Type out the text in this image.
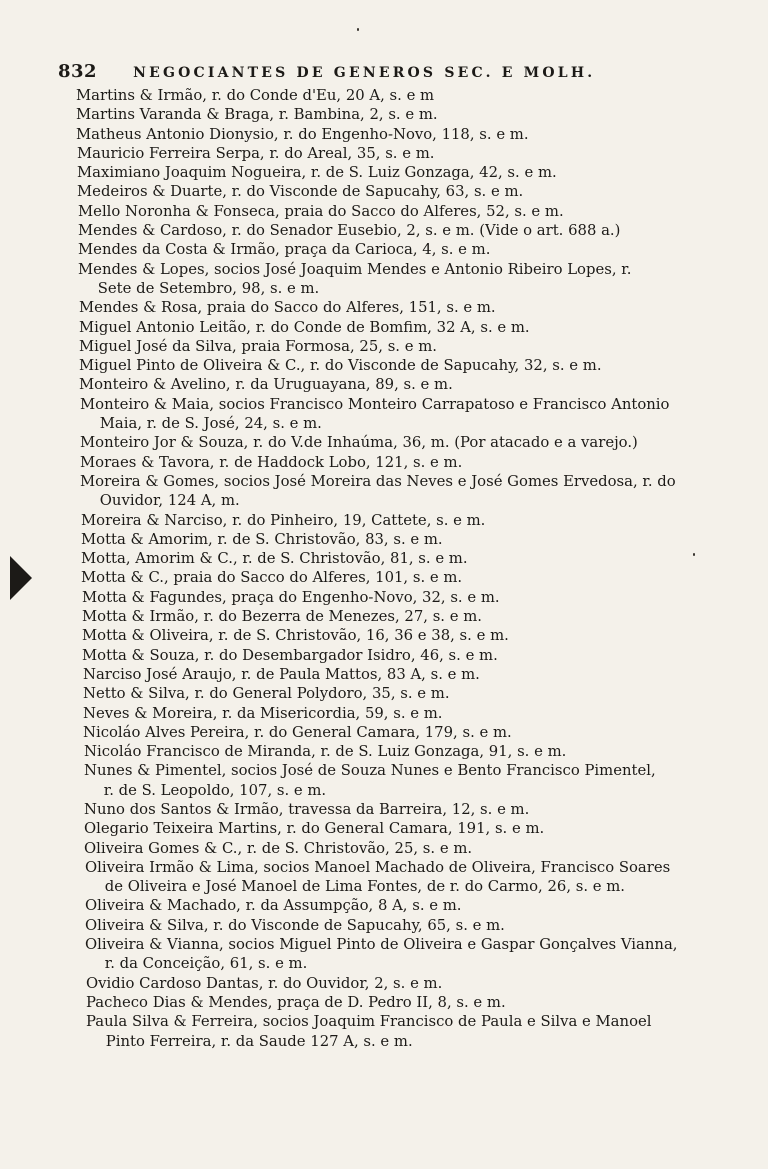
832	NEGOCIANTES DE GENEROS SEC. E MOLH.
Martins & Irmão, r. do Conde d'Eu, 20 A, s. e m
Martins Varanda & Braga, r. Bambina, 2, s. e m.
Matheus Antonio Dionysio, r. do Engenho-Novo, 118, s. e m.
Mauricio Ferreira Serpa, r. do Areal, 35, s. e m.
Maximiano Joaquim Nogueira, r. de S. Luiz Gonzaga, 42, s. e m.
Medeiros & Duarte, r. do Visconde de Sapucahy, 63, s. e m.
Mello Noronha & Fonseca, praia do Sacco do Alferes, 52, s. e m.
Mendes & Cardoso, r. do Senador Eusebio, 2, s. e m. (Vide o art. 688 a.)
Mendes da Costa & Irmão, praça da Carioca, 4, s. e m.
Mendes & Lopes, socios José Joaquim Mendes e Antonio Ribeiro Lopes, r.
Sete de Setembro, 98, s. e m.
Mendes & Rosa, praia do Sacco do Alferes, 151, s. e m.
Miguel Antonio Leitão, r. do Conde de Bomfim, 32 A, s. e m.
Miguel José da Silva, praia Formosa, 25, s. e m.
Miguel Pinto de Oliveira & C., r. do Visconde de Sapucahy, 32, s. e m.
Monteiro & Avelino, r. da Uruguayana, 89, s. e m.
Monteiro & Maia, socios Francisco Monteiro Carrapatoso e Francisco Antonio
Maia, r. de S. José, 24, s. e m.
Monteiro Jor & Souza, r. do V.de Inhaúma, 36, m. (Por atacado e a varejo.)
Moraes & Tavora, r. de Haddock Lobo, 121, s. e m.
Moreira & Gomes, socios José Moreira das Neves e José Gomes Ervedosa, r. do
Ouvidor, 124 A, m.
Moreira & Narciso, r. do Pinheiro, 19, Cattete, s. e m.
Motta & Amorim, r. de S. Christovão, 83, s. e m.
Motta, Amorim & C., r. de S. Christovão, 81, s. e m.
Motta & C., praia do Sacco do Alferes, 101, s. e m.
Motta & Fagundes, praça do Engenho-Novo, 32, s. e m.
Motta & Irmão, r. do Bezerra de Menezes, 27, s. e m.
Motta & Oliveira, r. de S. Christovão, 16, 36 e 38, s. e m.
Motta & Souza, r. do Desembargador Isidro, 46, s. e m.
Narciso José Araujo, r. de Paula Mattos, 83 A, s. e m.
Netto & Silva, r. do General Polydoro, 35, s. e m.
Neves & Moreira, r. da Misericordia, 59, s. e m.
Nicoláo Alves Pereira, r. do General Camara, 179, s. e m.
Nicoláo Francisco de Miranda, r. de S. Luiz Gonzaga, 91, s. e m.
Nunes & Pimentel, socios José de Souza Nunes e Bento Francisco Pimentel,
r. de S. Leopoldo, 107, s. e m.
Nuno dos Santos & Irmão, travessa da Barreira, 12, s. e m.
Olegario Teixeira Martins, r. do General Camara, 191, s. e m.
Oliveira Gomes & C., r. de S. Christovão, 25, s. e m.
Oliveira Irmão & Lima, socios Manoel Machado de Oliveira, Francisco Soares
de Oliveira e José Manoel de Lima Fontes, de r. do Carmo, 26, s. e m.
Oliveira & Machado, r. da Assumpção, 8 A, s. e m.
Oliveira & Silva, r. do Visconde de Sapucahy, 65, s. e m.
Oliveira & Vianna, socios Miguel Pinto de Oliveira e Gaspar Gonçalves Vianna,
r. da Conceição, 61, s. e m.
Ovidio Cardoso Dantas, r. do Ouvidor, 2, s. e m.
Pacheco Dias & Mendes, praça de D. Pedro II, 8, s. e m.
Paula Silva & Ferreira, socios Joaquim Francisco de Paula e Silva e Manoel
Pinto Ferreira, r. da Saude 127 A, s. e m.
